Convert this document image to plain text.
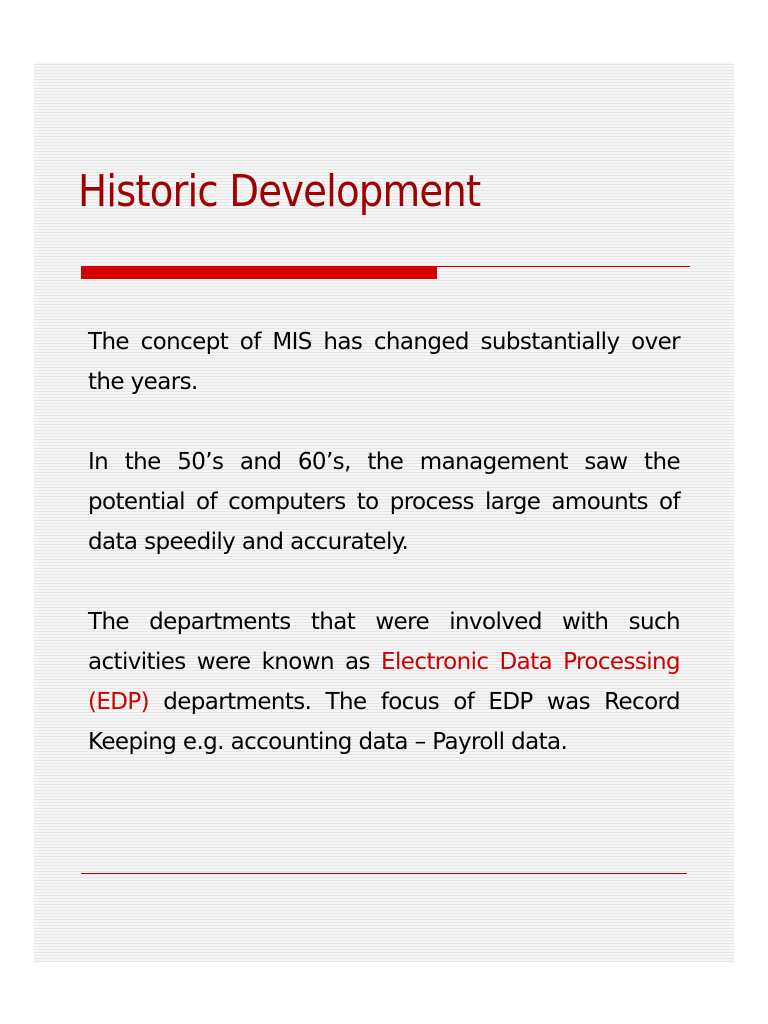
Historic Development

The concept of MIS has changed substantially over the years.

In the 50’s and 60’s, the management saw the potential of computers to process large amounts of data speedily and accurately.

The departments that were involved with such activities were known as Electronic Data Processing (EDP) departments. The focus of EDP was Record Keeping e.g. accounting data – Payroll data.
